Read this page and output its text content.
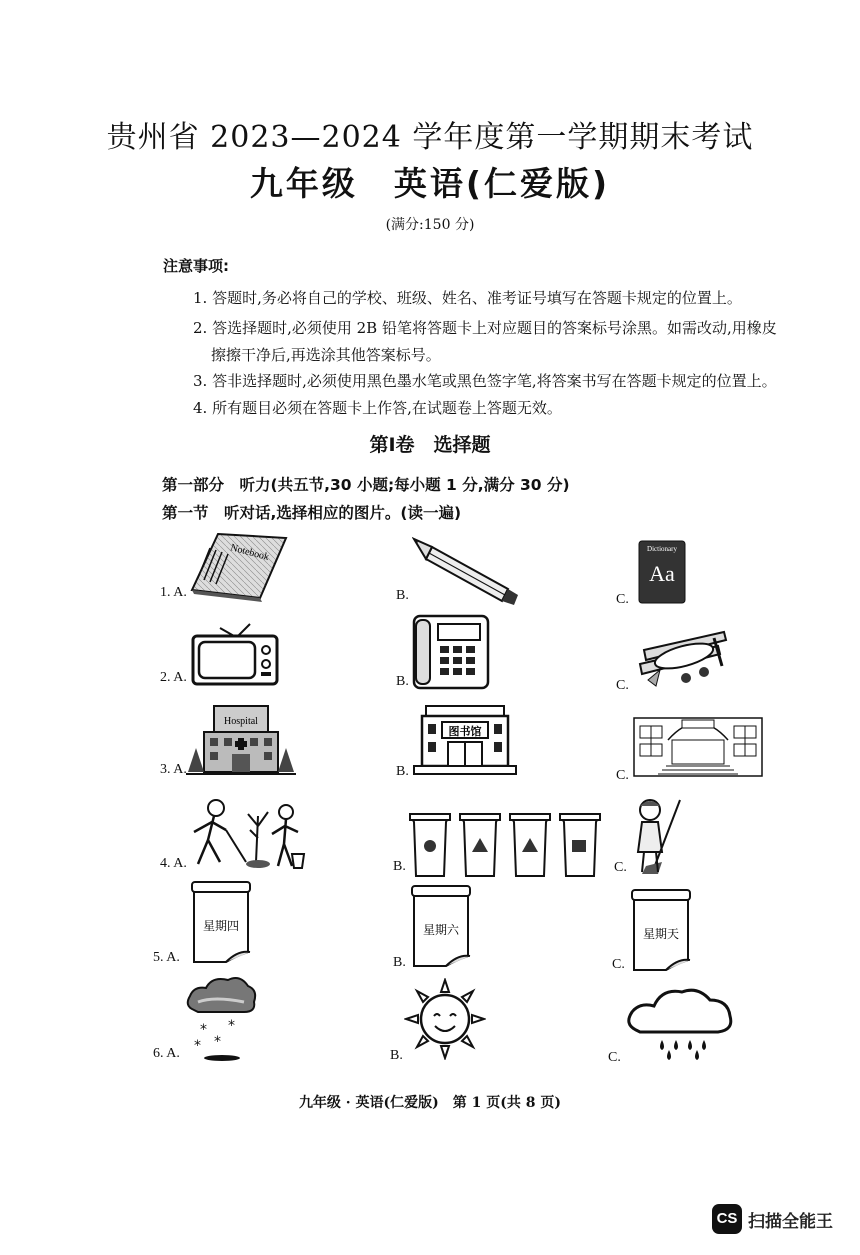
贵州省 2023—2024 学年度第一学期期末考试
九年级　英语(仁爱版)
(满分:150 分)
注意事项:
1. 答题时,务必将自己的学校、班级、姓名、准考证号填写在答题卡规定的位置上。
2. 答选择题时,必须使用 2B 铅笔将答题卡上对应题目的答案标号涂黑。如需改动,用橡皮
擦擦干净后,再选涂其他答案标号。
3. 答非选择题时,必须使用黑色墨水笔或黑色签字笔,将答案书写在答题卡规定的位置上。
4. 所有题目必须在答题卡上作答,在试题卷上答题无效。
第Ⅰ卷　选择题
第一部分　听力(共五节,30 小题;每小题 1 分,满分 30 分)
第一节　听对话,选择相应的图片。(读一遍)
1. A.
Notebook
B.	C.
Dictionary
Aa
2. A.	B.	C.
3. A.
Hospital
B.
图书馆
C.
4. A.	B.	C.
5. A.
星期四
B.
星期六
C.
星期天
6. A.
* *
*
*
B.	C.
九年级 · 英语(仁爱版)　第 1 页(共 8 页)
CS 扫描全能王
